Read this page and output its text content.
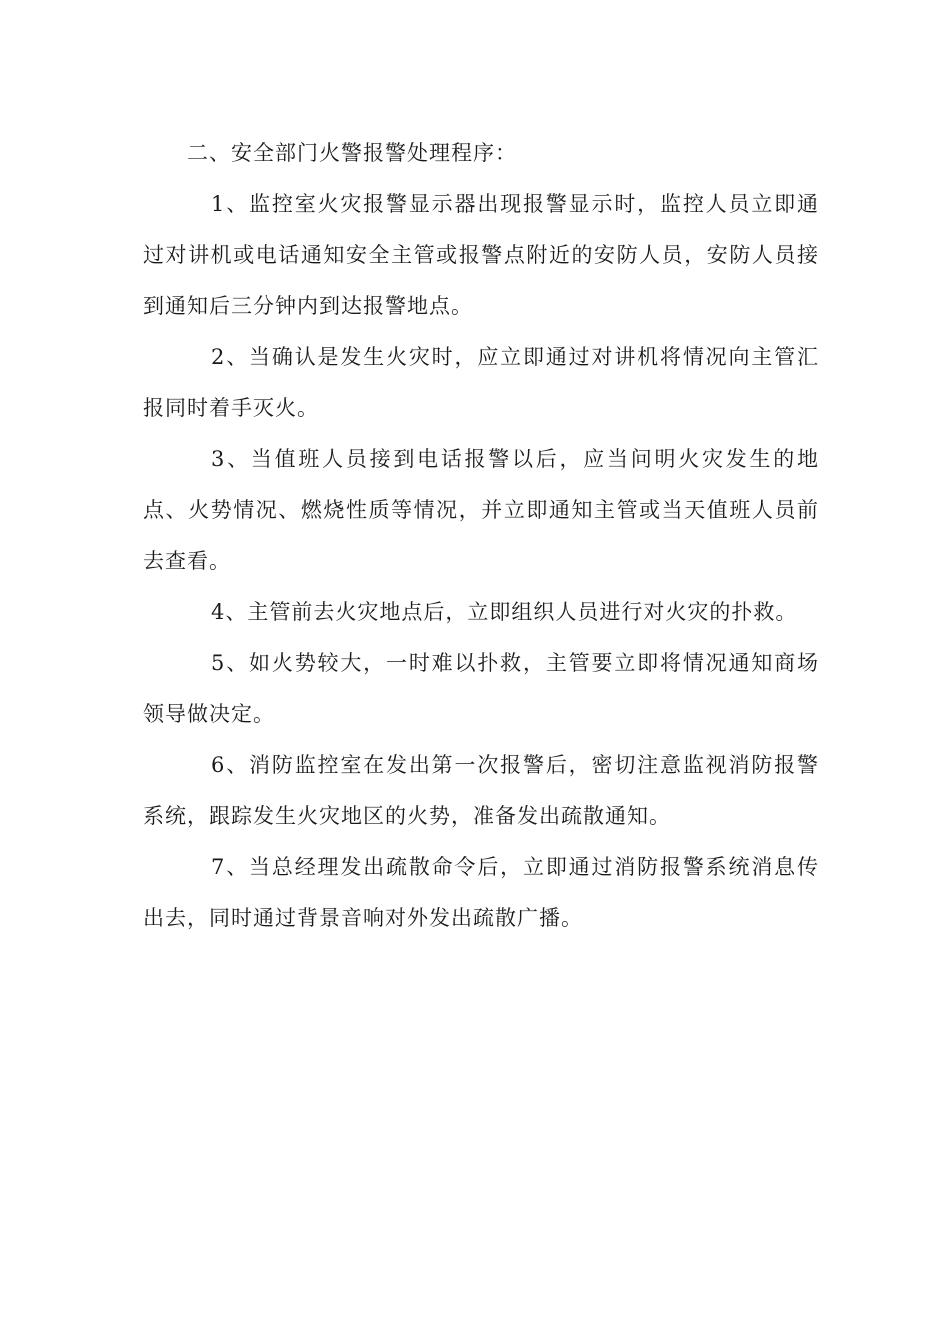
二、安全部门火警报警处理程序：

1、监控室火灾报警显示器出现报警显示时，监控人员立即通 过对讲机或电话通知安全主管或报警点附近的安防人员，安防人员接 到通知后三分钟内到达报警地点。

2、当确认是发生火灾时，应立即通过对讲机将情况向主管汇 报同时着手灭火。

3、当值班人员接到电话报警以后，应当问明火灾发生的地点、火势情况、燃烧性质等情况，并立即通知主管或当天值班人员前去查看。

4、主管前去火灾地点后，立即组织人员进行对火灾的扑救。

5、如火势较大，一时难以扑救，主管要立即将情况通知商场 领导做决定。

6、消防监控室在发出第一次报警后，密切注意监视消防报警 系统，跟踪发生火灾地区的火势，准备发出疏散通知。

7、当总经理发出疏散命令后，立即通过消防报警系统消息传 出去，同时通过背景音响对外发出疏散广播。
